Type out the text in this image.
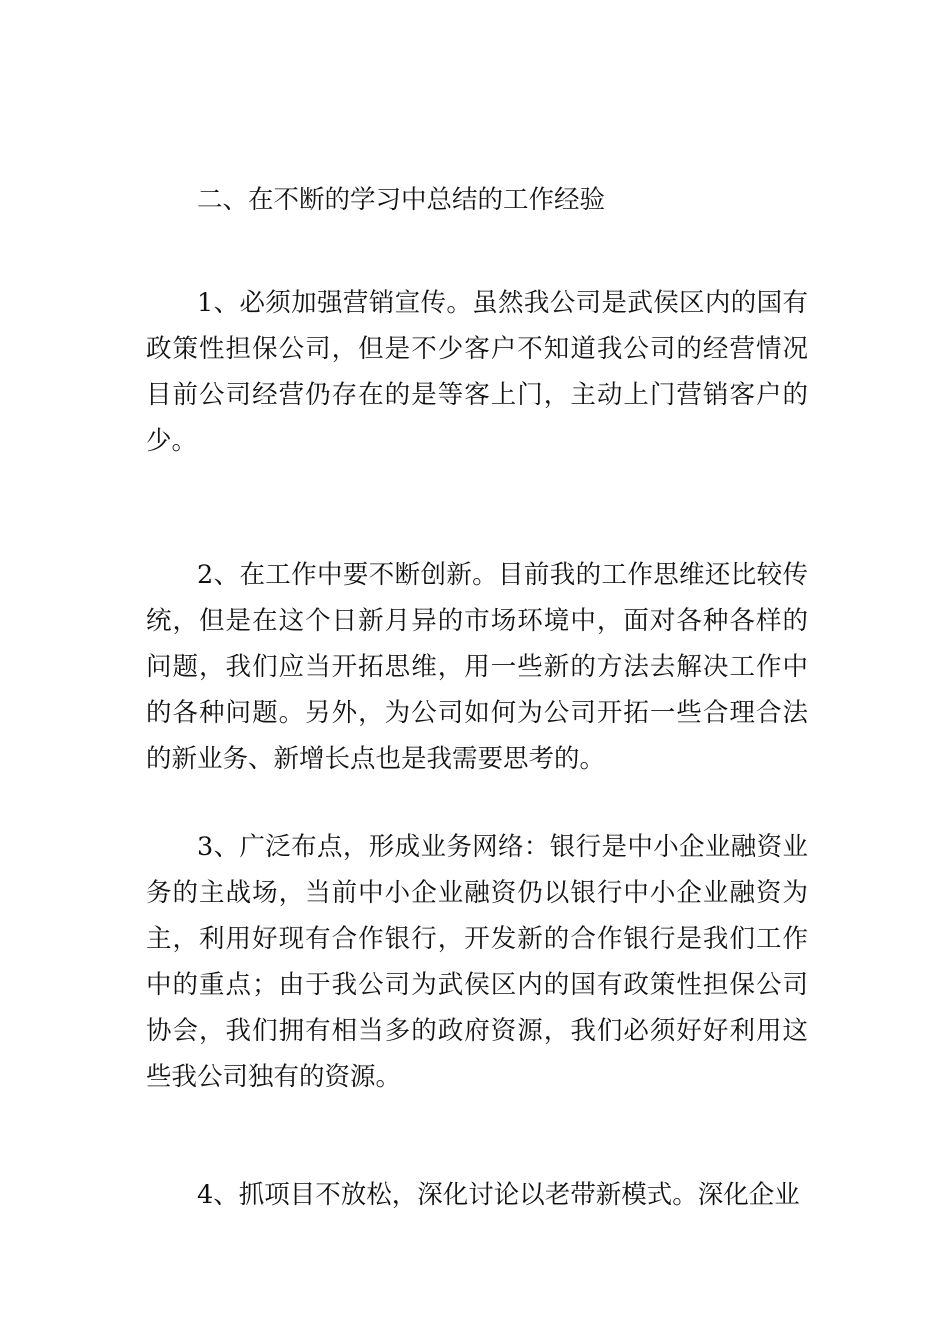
二、在不断的学习中总结的工作经验

1、必须加强营销宣传。虽然我公司是武侯区内的国有政策性担保公司，但是不少客户不知道我公司的经营情况目前公司经营仍存在的是等客上门，主动上门营销客户的少。

2、在工作中要不断创新。目前我的工作思维还比较传统，但是在这个日新月异的市场环境中，面对各种各样的问题，我们应当开拓思维，用一些新的方法去解决工作中的各种问题。另外，为公司如何为公司开拓一些合理合法的新业务、新增长点也是我需要思考的。

3、广泛布点，形成业务网络：银行是中小企业融资业务的主战场，当前中小企业融资仍以银行中小企业融资为主，利用好现有合作银行，开发新的合作银行是我们工作中的重点；由于我公司为武侯区内的国有政策性担保公司协会，我们拥有相当多的政府资源，我们必须好好利用这些我公司独有的资源。

4、抓项目不放松，深化讨论以老带新模式。深化企业
